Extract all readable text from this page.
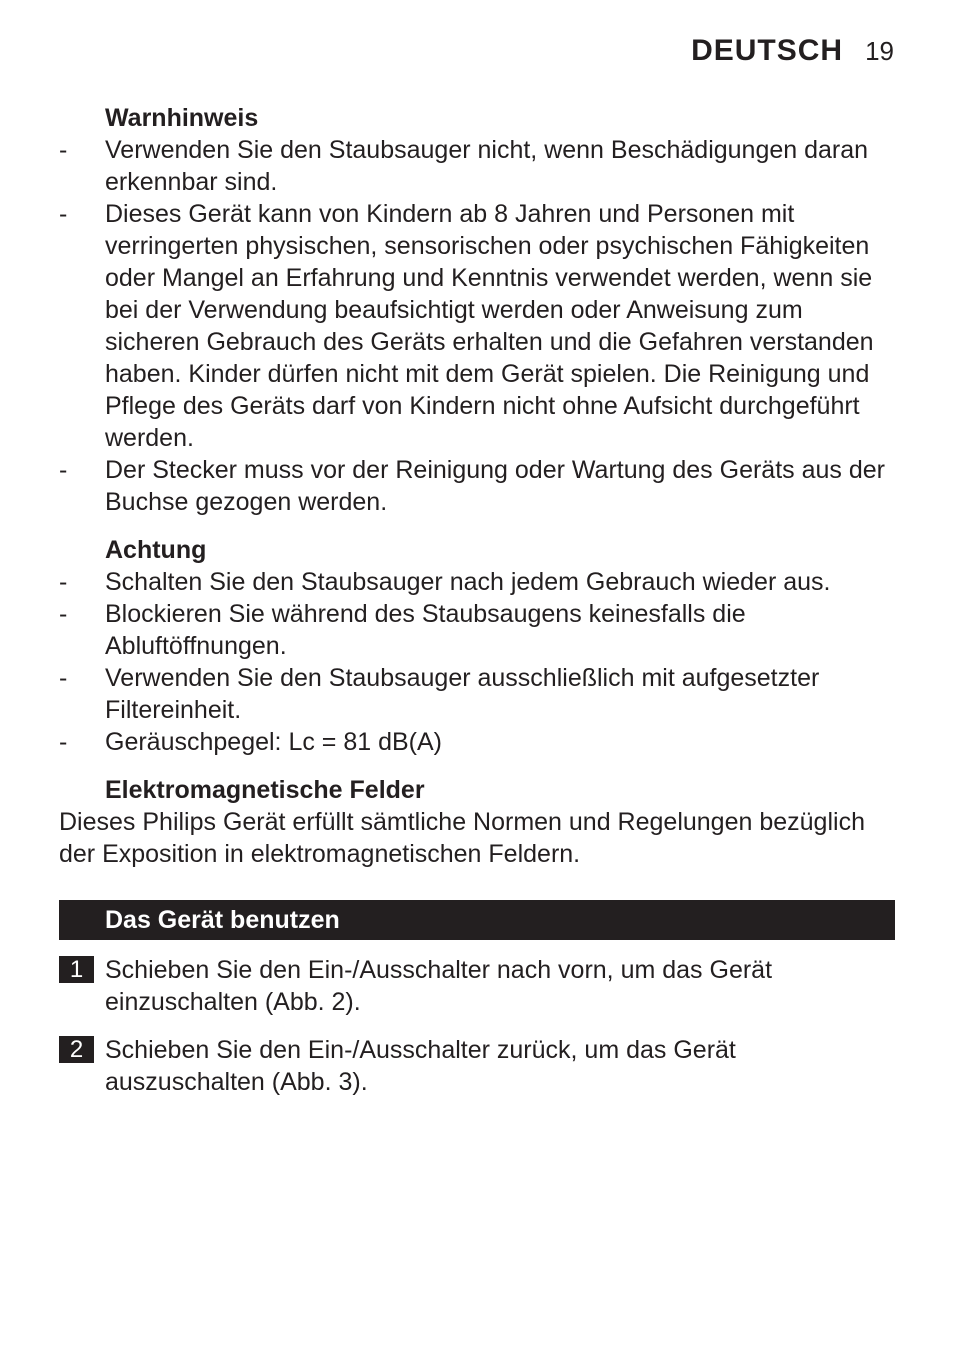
DEUTSCH 19
Warnhinweis
- Verwenden Sie den Staubsauger nicht, wenn Beschädigungen daran erkennbar sind.
- Dieses Gerät kann von Kindern ab 8 Jahren und Personen mit verringerten physischen, sensorischen oder psychischen Fähigkeiten oder Mangel an Erfahrung und Kenntnis verwendet werden, wenn sie bei der Verwendung beaufsichtigt werden oder Anweisung zum sicheren Gebrauch des Geräts erhalten und die Gefahren verstanden haben. Kinder dürfen nicht mit dem Gerät spielen. Die Reinigung und Pflege des Geräts darf von Kindern nicht ohne Aufsicht durchgeführt werden.
- Der Stecker muss vor der Reinigung oder Wartung des Geräts aus der Buchse gezogen werden.
Achtung
- Schalten Sie den Staubsauger nach jedem Gebrauch wieder aus.
- Blockieren Sie während des Staubsaugens keinesfalls die Abluftöffnungen.
- Verwenden Sie den Staubsauger ausschließlich mit aufgesetzter Filtereinheit.
- Geräuschpegel: Lc = 81 dB(A)
Elektromagnetische Felder

Dieses Philips Gerät erfüllt sämtliche Normen und Regelungen bezüglich der Exposition in elektromagnetischen Feldern.

Das Gerät benutzen
1 Schieben Sie den Ein-/Ausschalter nach vorn, um das Gerät einzuschalten (Abb. 2).
2 Schieben Sie den Ein-/Ausschalter zurück, um das Gerät auszuschalten (Abb. 3).
